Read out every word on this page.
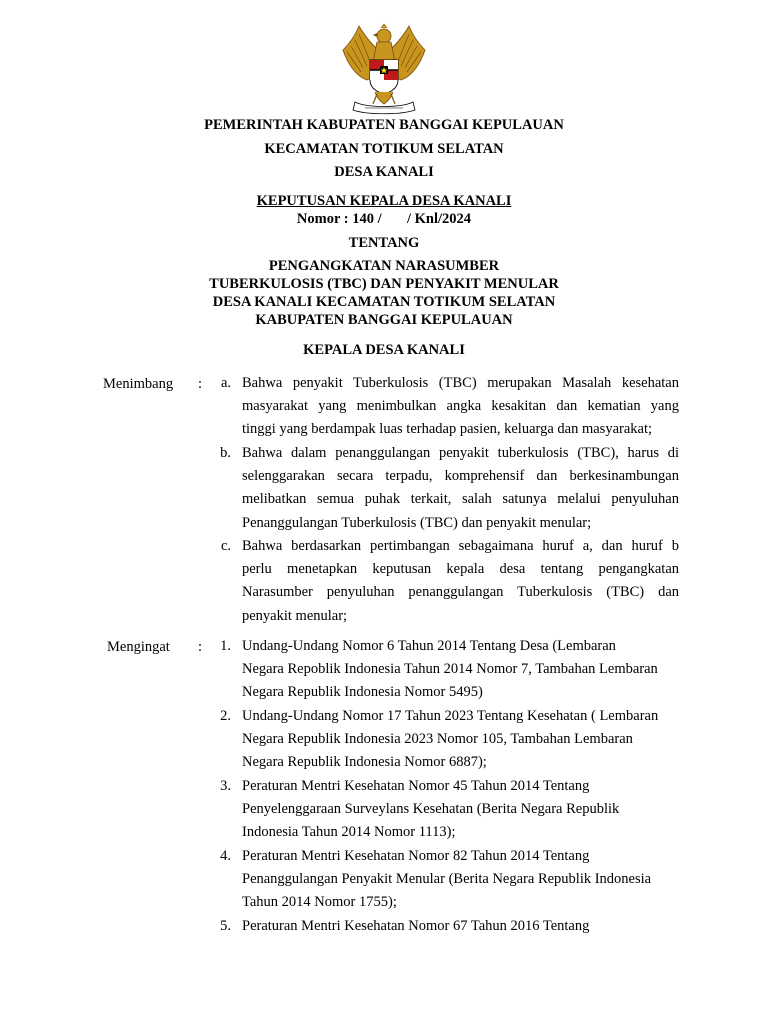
PEMERINTAH KABUPATEN BANGGAI KEPULAUAN
KECAMATAN TOTIKUM SELATAN
DESA KANALI
KEPUTUSAN KEPALA DESA KANALI
Nomor : 140 /       / Knl/2024
TENTANG
PENGANGKATAN NARASUMBER
TUBERKULOSIS (TBC) DAN PENYAKIT MENULAR
DESA KANALI KECAMATAN TOTIKUM SELATAN
KABUPATEN BANGGAI KEPULAUAN
KEPALA DESA KANALI
Menimbang :	a. Bahwa penyakit Tuberkulosis (TBC) merupakan Masalah kesehatan
masyarakat yang menimbulkan angka kesakitan dan kematian yang
tinggi yang berdampak luas terhadap pasien, keluarga dan masyarakat;
b. Bahwa dalam penanggulangan penyakit tuberkulosis (TBC), harus di
selenggarakan secara terpadu, komprehensif dan berkesinambungan
melibatkan semua puhak terkait, salah satunya melalui penyuluhan
Penanggulangan Tuberkulosis (TBC) dan penyakit menular;
c. Bahwa berdasarkan pertimbangan sebagaimana huruf a, dan huruf b
perlu menetapkan keputusan kepala desa tentang pengangkatan
Narasumber penyuluhan penanggulangan Tuberkulosis (TBC) dan
penyakit menular;
Mengingat :	1. Undang-Undang Nomor 6 Tahun 2014 Tentang Desa (Lembaran
Negara Repoblik Indonesia Tahun 2014 Nomor 7, Tambahan Lembaran
Negara Republik Indonesia Nomor 5495)
2. Undang-Undang Nomor 17 Tahun 2023 Tentang Kesehatan ( Lembaran
Negara Republik Indonesia 2023 Nomor 105, Tambahan Lembaran
Negara Republik Indonesia Nomor 6887);
3. Peraturan Mentri Kesehatan Nomor 45 Tahun 2014 Tentang
Penyelenggaraan Surveylans Kesehatan (Berita Negara Republik
Indonesia Tahun 2014 Nomor 1113);
4. Peraturan Mentri Kesehatan Nomor 82 Tahun 2014 Tentang
Penanggulangan Penyakit Menular (Berita Negara Republik Indonesia
Tahun 2014 Nomor 1755);
5. Peraturan Mentri Kesehatan Nomor 67 Tahun 2016 Tentang
